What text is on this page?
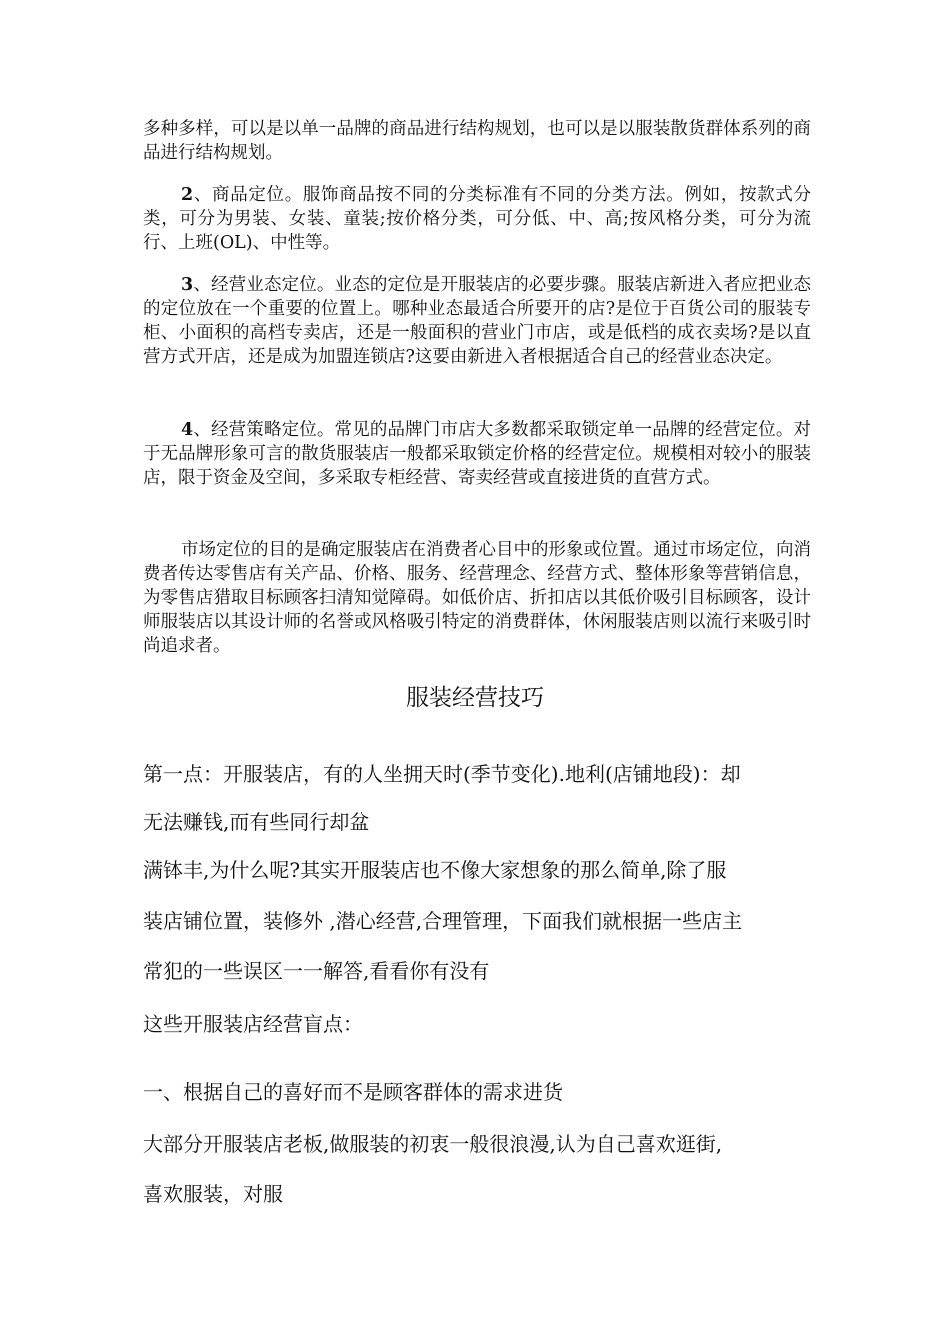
多种多样，可以是以单一品牌的商品进行结构规划，也可以是以服装散货群体系列的商品进行结构规划。

2、商品定位。服饰商品按不同的分类标准有不同的分类方法。例如，按款式分类，可分为男装、女装、童装;按价格分类，可分低、中、高;按风格分类，可分为流行、上班(OL)、中性等。

3、经营业态定位。业态的定位是开服装店的必要步骤。服装店新进入者应把业态的定位放在一个重要的位置上。哪种业态最适合所要开的店?是位于百货公司的服装专柜、小面积的高档专卖店，还是一般面积的营业门市店，或是低档的成衣卖场?是以直营方式开店，还是成为加盟连锁店?这要由新进入者根据适合自己的经营业态决定。

4、经营策略定位。常见的品牌门市店大多数都采取锁定单一品牌的经营定位。对于无品牌形象可言的散货服装店一般都采取锁定价格的经营定位。规模相对较小的服装店，限于资金及空间，多采取专柜经营、寄卖经营或直接进货的直营方式。

市场定位的目的是确定服装店在消费者心目中的形象或位置。通过市场定位，向消费者传达零售店有关产品、价格、服务、经营理念、经营方式、整体形象等营销信息，为零售店猎取目标顾客扫清知觉障碍。如低价店、折扣店以其低价吸引目标顾客，设计师服装店以其设计师的名誉或风格吸引特定的消费群体，休闲服装店则以流行来吸引时尚追求者。

服装经营技巧

第一点：开服装店，有的人坐拥天时(季节变化).地利(店铺地段)：却

无法赚钱,而有些同行却盆

满钵丰,为什么呢?其实开服装店也不像大家想象的那么简单,除了服

装店铺位置，装修外 ,潜心经营,合理管理，下面我们就根据一些店主

常犯的一些误区一一解答,看看你有没有

这些开服装店经营盲点：

一、根据自己的喜好而不是顾客群体的需求进货

大部分开服装店老板,做服装的初衷一般很浪漫,认为自己喜欢逛街,

喜欢服装，对服
